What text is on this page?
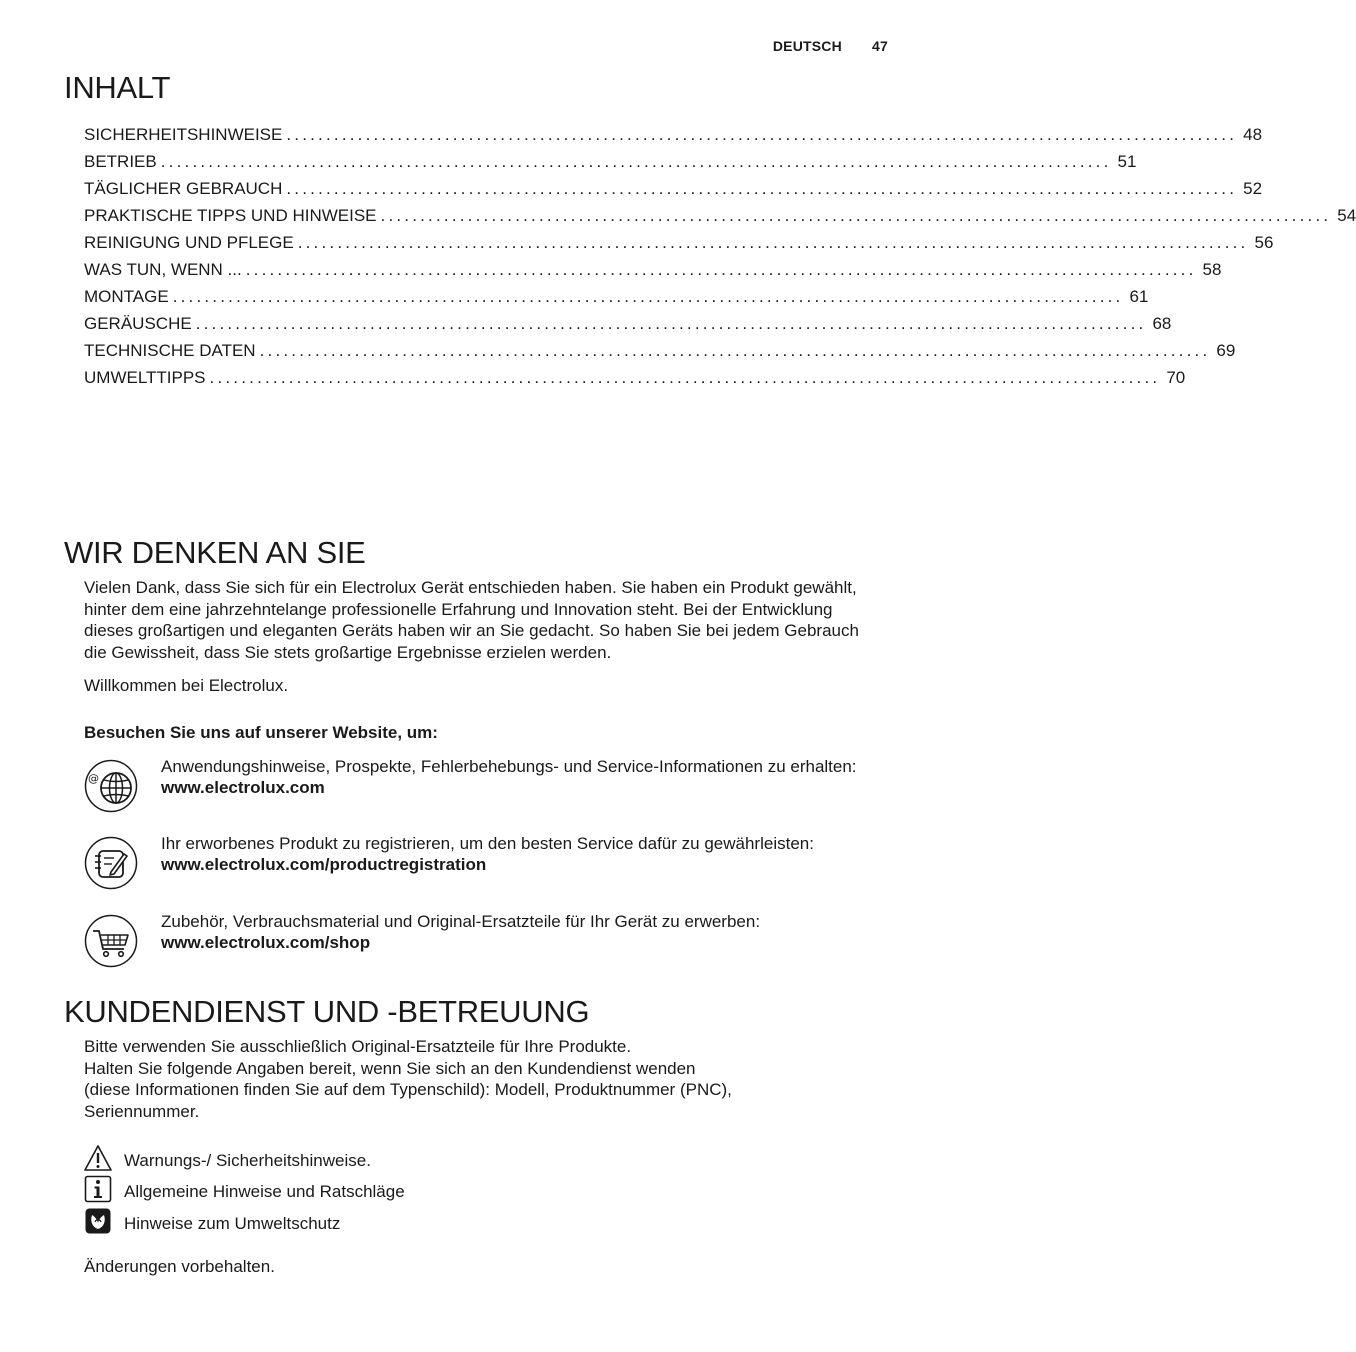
DEUTSCH 47
INHALT
SICHERHEITSHINWEISE ........................................................................................................................ 48
BETRIEB ........................................................................................................................ 51
TÄGLICHER GEBRAUCH ........................................................................................................................ 52
PRAKTISCHE TIPPS UND HINWEISE ........................................................................................................................ 54
REINIGUNG UND PFLEGE ........................................................................................................................ 56
WAS TUN, WENN ... ........................................................................................................................ 58
MONTAGE ........................................................................................................................ 61
GERÄUSCHE ........................................................................................................................ 68
TECHNISCHE DATEN ........................................................................................................................ 69
UMWELTTIPPS ........................................................................................................................ 70
WIR DENKEN AN SIE
Vielen Dank, dass Sie sich für ein Electrolux Gerät entschieden haben. Sie haben ein Produkt gewählt, hinter dem eine jahrzehntelange professionelle Erfahrung und Innovation steht. Bei der Entwicklung dieses großartigen und eleganten Geräts haben wir an Sie gedacht. So haben Sie bei jedem Gebrauch die Gewissheit, dass Sie stets großartige Ergebnisse erzielen werden.
Willkommen bei Electrolux.
Besuchen Sie uns auf unserer Website, um:
@
Anwendungshinweise, Prospekte, Fehlerbehebungs- und Service-Informationen zu erhalten:
www.electrolux.com
Ihr erworbenes Produkt zu registrieren, um den besten Service dafür zu gewährleisten:
www.electrolux.com/productregistration
Zubehör, Verbrauchsmaterial und Original-Ersatzteile für Ihr Gerät zu erwerben:
www.electrolux.com/shop
KUNDENDIENST UND -BETREUUNG
Bitte verwenden Sie ausschließlich Original-Ersatzteile für Ihre Produkte.
Halten Sie folgende Angaben bereit, wenn Sie sich an den Kundendienst wenden
(diese Informationen finden Sie auf dem Typenschild): Modell, Produktnummer (PNC),
Seriennummer.
Warnungs-/ Sicherheitshinweise.
Allgemeine Hinweise und Ratschläge
Hinweise zum Umweltschutz
Änderungen vorbehalten.
